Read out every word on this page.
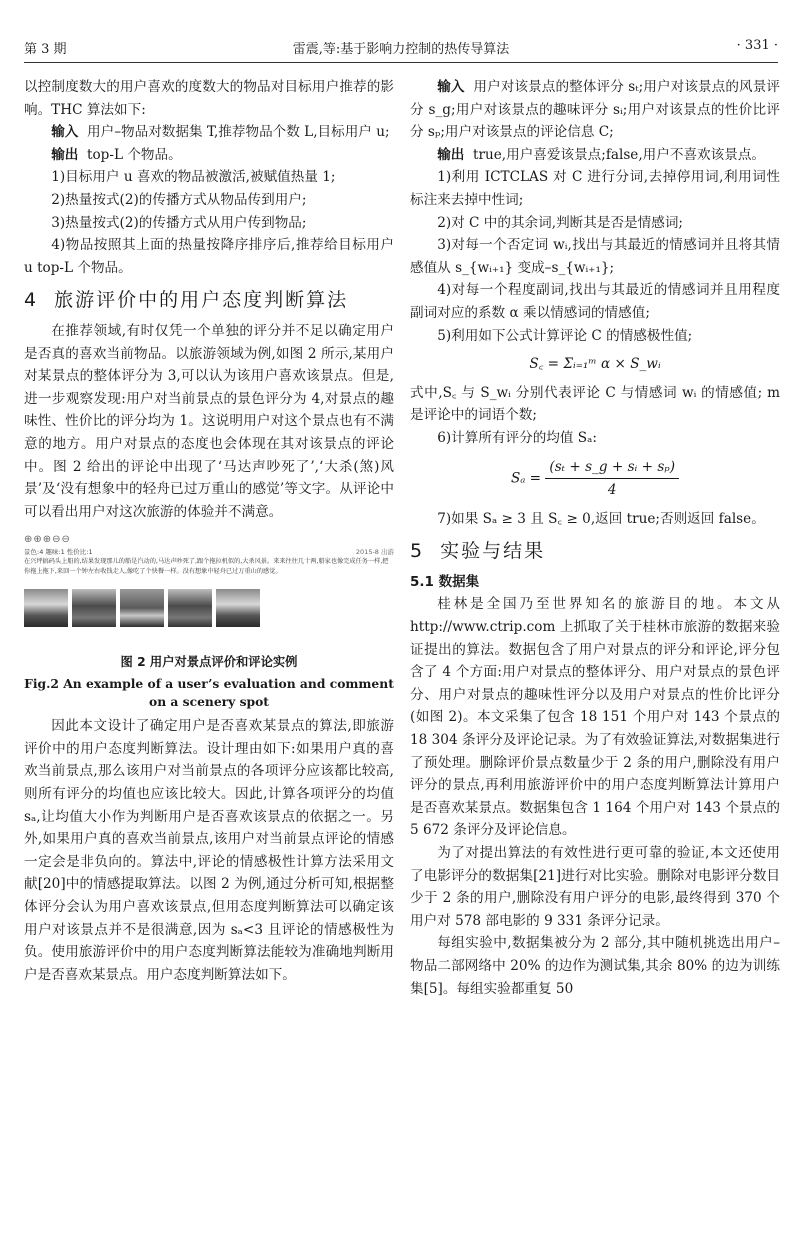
第 3 期	雷震,等:基于影响力控制的热传导算法	· 331 ·

以控制度数大的用户喜欢的度数大的物品对目标用户推荐的影响。THC 算法如下:

输入 用户–物品对数据集 T,推荐物品个数 L,目标用户 u;

输出 top-L 个物品。

1)目标用户 u 喜欢的物品被激活,被赋值热量 1;

2)热量按式(2)的传播方式从物品传到用户;

3)热量按式(2)的传播方式从用户传到物品;

4)物品按照其上面的热量按降序排序后,推荐给目标用户 u top-L 个物品。

4 旅游评价中的用户态度判断算法

在推荐领域,有时仅凭一个单独的评分并不足以确定用户是否真的喜欢当前物品。以旅游领域为例,如图 2 所示,某用户对某景点的整体评分为 3,可以认为该用户喜欢该景点。但是,进一步观察发现:用户对当前景点的景色评分为 4,对景点的趣味性、性价比的评分均为 1。这说明用户对这个景点也有不满意的地方。用户对景点的态度也会体现在其对该景点的评论中。图 2 给出的评论中出现了‘马达声吵死了’,‘大杀(煞)风景’及‘没有想象中的轻舟已过万重山的感觉’等文字。从评论中可以看出用户对这次旅游的体验并不满意。

⊕⊕⊕⊖⊖
景色:4 趣味:1 性价比:1	2015-8 出游
在兴坪搞码头上船的,结果发现那儿的船是汽动的,马达声吵死了,跟个拖拉机似的,大杀风景。来来往往几十两,船家也像完成任务一样,把你拖上拖下,来回一个钟左右收钱走人,像吃了个快餐一样。没有想象中轻舟已过万重山的感觉。
图 2 用户对景点评价和评论实例
Fig.2 An example of a user’s evaluation and comment
on a scenery spot

因此本文设计了确定用户是否喜欢某景点的算法,即旅游评价中的用户态度判断算法。设计理由如下:如果用户真的喜欢当前景点,那么该用户对当前景点的各项评分应该都比较高,则所有评分的均值也应该比较大。因此,计算各项评分的均值 sₐ,让均值大小作为判断用户是否喜欢该景点的依据之一。另外,如果用户真的喜欢当前景点,该用户对当前景点评论的情感一定会是非负向的。算法中,评论的情感极性计算方法采用文献[20]中的情感提取算法。以图 2 为例,通过分析可知,根据整体评分会认为用户喜欢该景点,但用态度判断算法可以确定该用户对该景点并不是很满意,因为 sₐ<3 且评论的情感极性为负。使用旅游评价中的用户态度判断算法能较为准确地判断用户是否喜欢某景点。用户态度判断算法如下。

输入 用户对该景点的整体评分 sₜ;用户对该景点的风景评分 s_g;用户对该景点的趣味评分 sᵢ;用户对该景点的性价比评分 sₚ;用户对该景点的评论信息 C;

输出 true,用户喜爱该景点;false,用户不喜欢该景点。

1)利用 ICTCLAS 对 C 进行分词,去掉停用词,利用词性标注来去掉中性词;

2)对 C 中的其余词,判断其是否是情感词;

3)对每一个否定词 wᵢ,找出与其最近的情感词并且将其情感值从 s_{wᵢ₊₁} 变成–s_{wᵢ₊₁};

4)对每一个程度副词,找出与其最近的情感词并且用程度副词对应的系数 α 乘以情感词的情感值;

5)利用如下公式计算评论 C 的情感极性值;

S꜀ = Σᵢ₌₁ᵐ α × S_wᵢ

式中,S꜀ 与 S_wᵢ 分别代表评论 C 与情感词 wᵢ 的情感值; m 是评论中的词语个数;

6)计算所有评分的均值 Sₐ:

$S_a = \frac{\text{(sₜ + s\_g + sᵢ + sₚ)}}{4}$

7)如果 Sₐ ≥ 3 且 S꜀ ≥ 0,返回 true;否则返回 false。

5 实验与结果
5.1 数据集

桂林是全国乃至世界知名的旅游目的地。本文从 http://www.ctrip.com 上抓取了关于桂林市旅游的数据来验证提出的算法。数据包含了用户对景点的评分和评论,评分包含了 4 个方面:用户对景点的整体评分、用户对景点的景色评分、用户对景点的趣味性评分以及用户对景点的性价比评分(如图 2)。本文采集了包含 18 151 个用户对 143 个景点的 18 304 条评分及评论记录。为了有效验证算法,对数据集进行了预处理。删除评价景点数量少于 2 条的用户,删除没有用户评分的景点,再利用旅游评价中的用户态度判断算法计算用户是否喜欢某景点。数据集包含 1 164 个用户对 143 个景点的 5 672 条评分及评论信息。

为了对提出算法的有效性进行更可靠的验证,本文还使用了电影评分的数据集[21]进行对比实验。删除对电影评分数目少于 2 条的用户,删除没有用户评分的电影,最终得到 370 个用户对 578 部电影的 9 331 条评分记录。

每组实验中,数据集被分为 2 部分,其中随机挑选出用户–物品二部网络中 20% 的边作为测试集,其余 80% 的边为训练集[5]。每组实验都重复 50
